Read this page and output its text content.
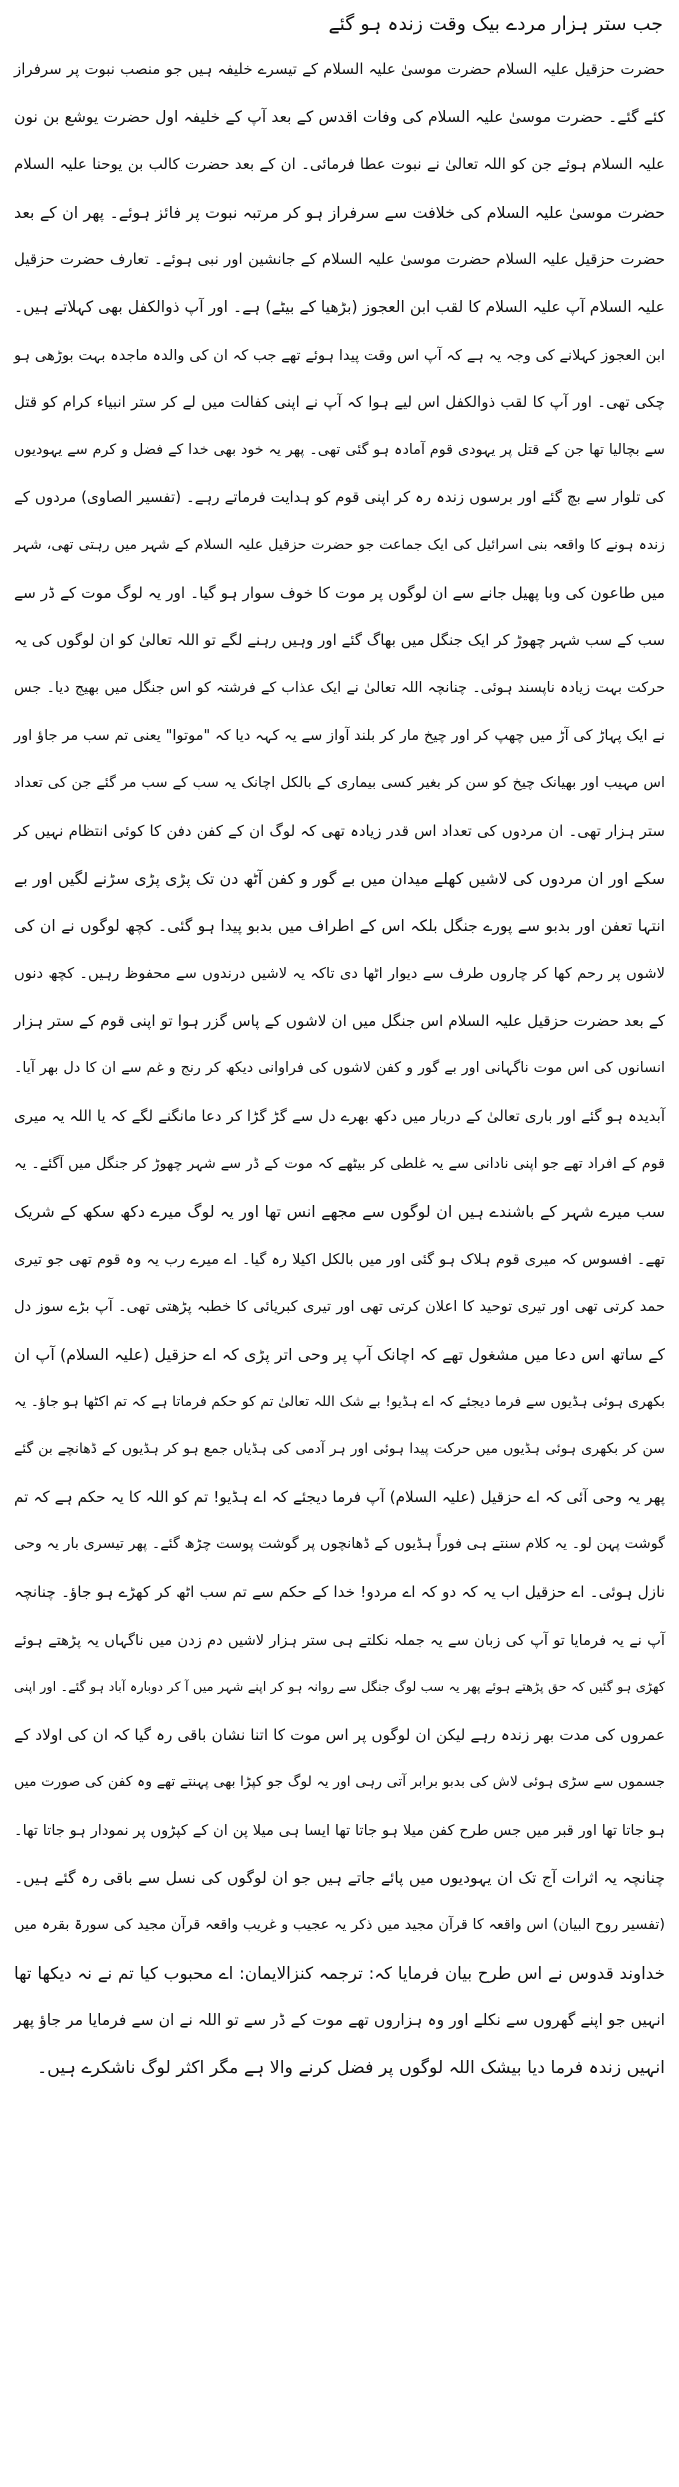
جب ستر ہزار مردے بیک وقت زندہ ہو گئے
حضرت حزقیل علیہ السلام حضرت موسیٰ علیہ السلام کے تیسرے خلیفہ ہیں جو منصب نبوت پر سرفراز
کئے گئے۔ حضرت موسیٰ علیہ السلام کی وفات اقدس کے بعد آپ کے خلیفہ اول حضرت یوشع بن نون
علیہ السلام ہوئے جن کو اللہ تعالیٰ نے نبوت عطا فرمائی۔ ان کے بعد حضرت کالب بن یوحنا علیہ السلام
حضرت موسیٰ علیہ السلام کی خلافت سے سرفراز ہو کر مرتبہ نبوت پر فائز ہوئے۔ پھر ان کے بعد
حضرت حزقیل علیہ السلام حضرت موسیٰ علیہ السلام کے جانشین اور نبی ہوئے۔ تعارف حضرت حزقیل
علیہ السلام آپ علیہ السلام کا لقب ابن العجوز (بڑھیا کے بیٹے) ہے۔ اور آپ ذوالکفل بھی کہلاتے ہیں۔
ابن العجوز کہلانے کی وجہ یہ ہے کہ آپ اس وقت پیدا ہوئے تھے جب کہ ان کی والدہ ماجدہ بہت بوڑھی ہو
چکی تھی۔ اور آپ کا لقب ذوالکفل اس لیے ہوا کہ آپ نے اپنی کفالت میں لے کر ستر انبیاء کرام کو قتل
سے بچالیا تھا جن کے قتل پر یہودی قوم آمادہ ہو گئی تھی۔ پھر یہ خود بھی خدا کے فضل و کرم سے یہودیوں
کی تلوار سے بچ گئے اور برسوں زندہ رہ کر اپنی قوم کو ہدایت فرماتے رہے۔ (تفسیر الصاوی) مردوں کے
زندہ ہونے کا واقعہ بنی اسرائیل کی ایک جماعت جو حضرت حزقیل علیہ السلام کے شہر میں رہتی تھی، شہر
میں طاعون کی وبا پھیل جانے سے ان لوگوں پر موت کا خوف سوار ہو گیا۔ اور یہ لوگ موت کے ڈر سے
سب کے سب شہر چھوڑ کر ایک جنگل میں بھاگ گئے اور وہیں رہنے لگے تو اللہ تعالیٰ کو ان لوگوں کی یہ
حرکت بہت زیادہ ناپسند ہوئی۔ چنانچہ اللہ تعالیٰ نے ایک عذاب کے فرشتہ کو اس جنگل میں بھیج دیا۔ جس
نے ایک پہاڑ کی آڑ میں چھپ کر اور چیخ مار کر بلند آواز سے یہ کہہ دیا کہ "موتوا" یعنی تم سب مر جاؤ اور
اس مہیب اور بھیانک چیخ کو سن کر بغیر کسی بیماری کے بالکل اچانک یہ سب کے سب مر گئے جن کی تعداد
ستر ہزار تھی۔ ان مردوں کی تعداد اس قدر زیادہ تھی کہ لوگ ان کے کفن دفن کا کوئی انتظام نہیں کر
سکے اور ان مردوں کی لاشیں کھلے میدان میں بے گور و کفن آٹھ دن تک پڑی پڑی سڑنے لگیں اور بے
انتہا تعفن اور بدبو سے پورے جنگل بلکہ اس کے اطراف میں بدبو پیدا ہو گئی۔ کچھ لوگوں نے ان کی
لاشوں پر رحم کھا کر چاروں طرف سے دیوار اٹھا دی تاکہ یہ لاشیں درندوں سے محفوظ رہیں۔ کچھ دنوں
کے بعد حضرت حزقیل علیہ السلام اس جنگل میں ان لاشوں کے پاس گزر ہوا تو اپنی قوم کے ستر ہزار
انسانوں کی اس موت ناگہانی اور بے گور و کفن لاشوں کی فراوانی دیکھ کر رنج و غم سے ان کا دل بھر آیا۔
آبدیدہ ہو گئے اور باری تعالیٰ کے دربار میں دکھ بھرے دل سے گڑ گڑا کر دعا مانگنے لگے کہ یا اللہ یہ میری
قوم کے افراد تھے جو اپنی نادانی سے یہ غلطی کر بیٹھے کہ موت کے ڈر سے شہر چھوڑ کر جنگل میں آگئے۔ یہ
سب میرے شہر کے باشندے ہیں ان لوگوں سے مجھے انس تھا اور یہ لوگ میرے دکھ سکھ کے شریک
تھے۔ افسوس کہ میری قوم ہلاک ہو گئی اور میں بالکل اکیلا رہ گیا۔ اے میرے رب یہ وہ قوم تھی جو تیری
حمد کرتی تھی اور تیری توحید کا اعلان کرتی تھی اور تیری کبریائی کا خطبہ پڑھتی تھی۔ آپ بڑے سوز دل
کے ساتھ اس دعا میں مشغول تھے کہ اچانک آپ پر وحی اتر پڑی کہ اے حزقیل (علیہ السلام) آپ ان
بکھری ہوئی ہڈیوں سے فرما دیجئے کہ اے ہڈیو! بے شک اللہ تعالیٰ تم کو حکم فرماتا ہے کہ تم اکٹھا ہو جاؤ۔ یہ
سن کر بکھری ہوئی ہڈیوں میں حرکت پیدا ہوئی اور ہر آدمی کی ہڈیاں جمع ہو کر ہڈیوں کے ڈھانچے بن گئے
پھر یہ وحی آئی کہ اے حزقیل (علیہ السلام) آپ فرما دیجئے کہ اے ہڈیو! تم کو اللہ کا یہ حکم ہے کہ تم
گوشت پہن لو۔ یہ کلام سنتے ہی فوراً ہڈیوں کے ڈھانچوں پر گوشت پوست چڑھ گئے۔ پھر تیسری بار یہ وحی
نازل ہوئی۔ اے حزقیل اب یہ کہ دو کہ اے مردو! خدا کے حکم سے تم سب اٹھ کر کھڑے ہو جاؤ۔ چنانچہ
آپ نے یہ فرمایا تو آپ کی زبان سے یہ جملہ نکلتے ہی ستر ہزار لاشیں دم زدن میں ناگہاں یہ پڑھتے ہوئے
کھڑی ہو گئیں کہ حق پڑھتے ہوئے پھر یہ سب لوگ جنگل سے روانہ ہو کر اپنے شہر میں آ کر دوبارہ آباد ہو گئے۔ اور اپنی
عمروں کی مدت بھر زندہ رہے لیکن ان لوگوں پر اس موت کا اتنا نشان باقی رہ گیا کہ ان کی اولاد کے
جسموں سے سڑی ہوئی لاش کی بدبو برابر آتی رہی اور یہ لوگ جو کپڑا بھی پہنتے تھے وہ کفن کی صورت میں
ہو جاتا تھا اور قبر میں جس طرح کفن میلا ہو جاتا تھا ایسا ہی میلا پن ان کے کپڑوں پر نمودار ہو جاتا تھا۔
چنانچہ یہ اثرات آج تک ان یہودیوں میں پائے جاتے ہیں جو ان لوگوں کی نسل سے باقی رہ گئے ہیں۔
(تفسیر روح البیان) اس واقعہ کا قرآن مجید میں ذکر یہ عجیب و غریب واقعہ قرآن مجید کی سورۃ بقرہ میں
خداوند قدوس نے اس طرح بیان فرمایا کہ: ترجمہ کنزالایمان: اے محبوب کیا تم نے نہ دیکھا تھا
انہیں جو اپنے گھروں سے نکلے اور وہ ہزاروں تھے موت کے ڈر سے تو اللہ نے ان سے فرمایا مر جاؤ پھر
انہیں زندہ فرما دیا بیشک اللہ لوگوں پر فضل کرنے والا ہے مگر اکثر لوگ ناشکرے ہیں۔
